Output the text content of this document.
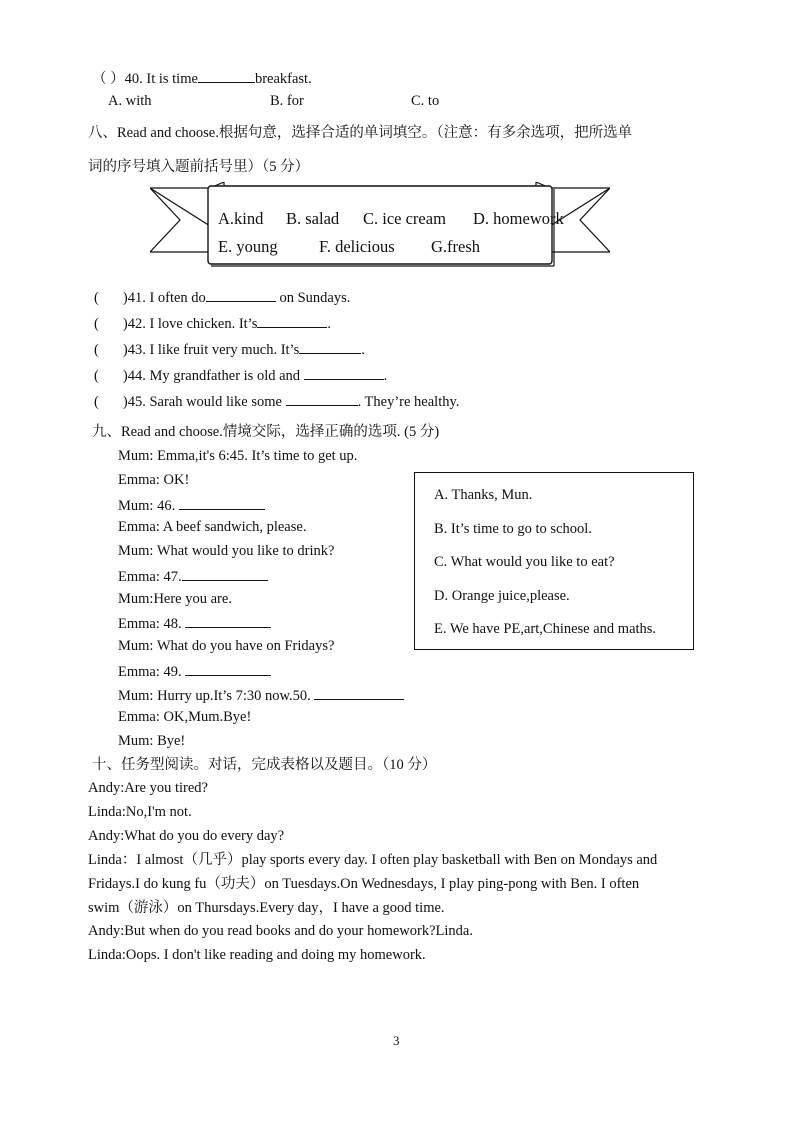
（ ）40. It is time	breakfast.
A. with	B. for	C. to
八、Read and choose.根据句意，选择合适的单词填空。（注意：有多余选项，把所选单
词的序号填入题前括号里）（5 分）
A.kind B. salad C. ice cream D. homework
E. young	F. delicious G.fresh
( )41. I often do	on Sundays.
( )42. I love chicken. It’s	.
( )43. I like fruit very much. It’s	.
( )44. My grandfather is old and	.
( )45. Sarah would like some	. They’re healthy.
九、Read and choose.情境交际，选择正确的选项. (5 分)
Mum: Emma,it's 6:45. It’s time to get up.
Emma: OK!
Mum: 46.
Emma: A beef sandwich, please.
Mum: What would you like to drink?
Emma: 47.
Mum:Here you are.
Emma: 48.
Mum: What do you have on Fridays?
Emma: 49.
Mum: Hurry up.It’s 7:30 now.50.
Emma: OK,Mum.Bye!
Mum: Bye!
A. Thanks, Mun.
B. It’s time to go to school.
C. What would you like to eat?
D. Orange juice,please.
E. We have PE,art,Chinese and maths.
十、任务型阅读。对话，完成表格以及题目。（10 分）
Andy:Are you tired?
Linda:No,I'm not.
Andy:What do you do every day?
Linda：I almost（几乎）play sports every day. I often play basketball with Ben on Mondays and
Fridays.I do kung fu（功夫）on Tuesdays.On Wednesdays, I play ping-pong with Ben. I often
swim（游泳）on Thursdays.Every day，I have a good time.
Andy:But when do you read books and do your homework?Linda.
Linda:Oops. I don't like reading and doing my homework.
3
